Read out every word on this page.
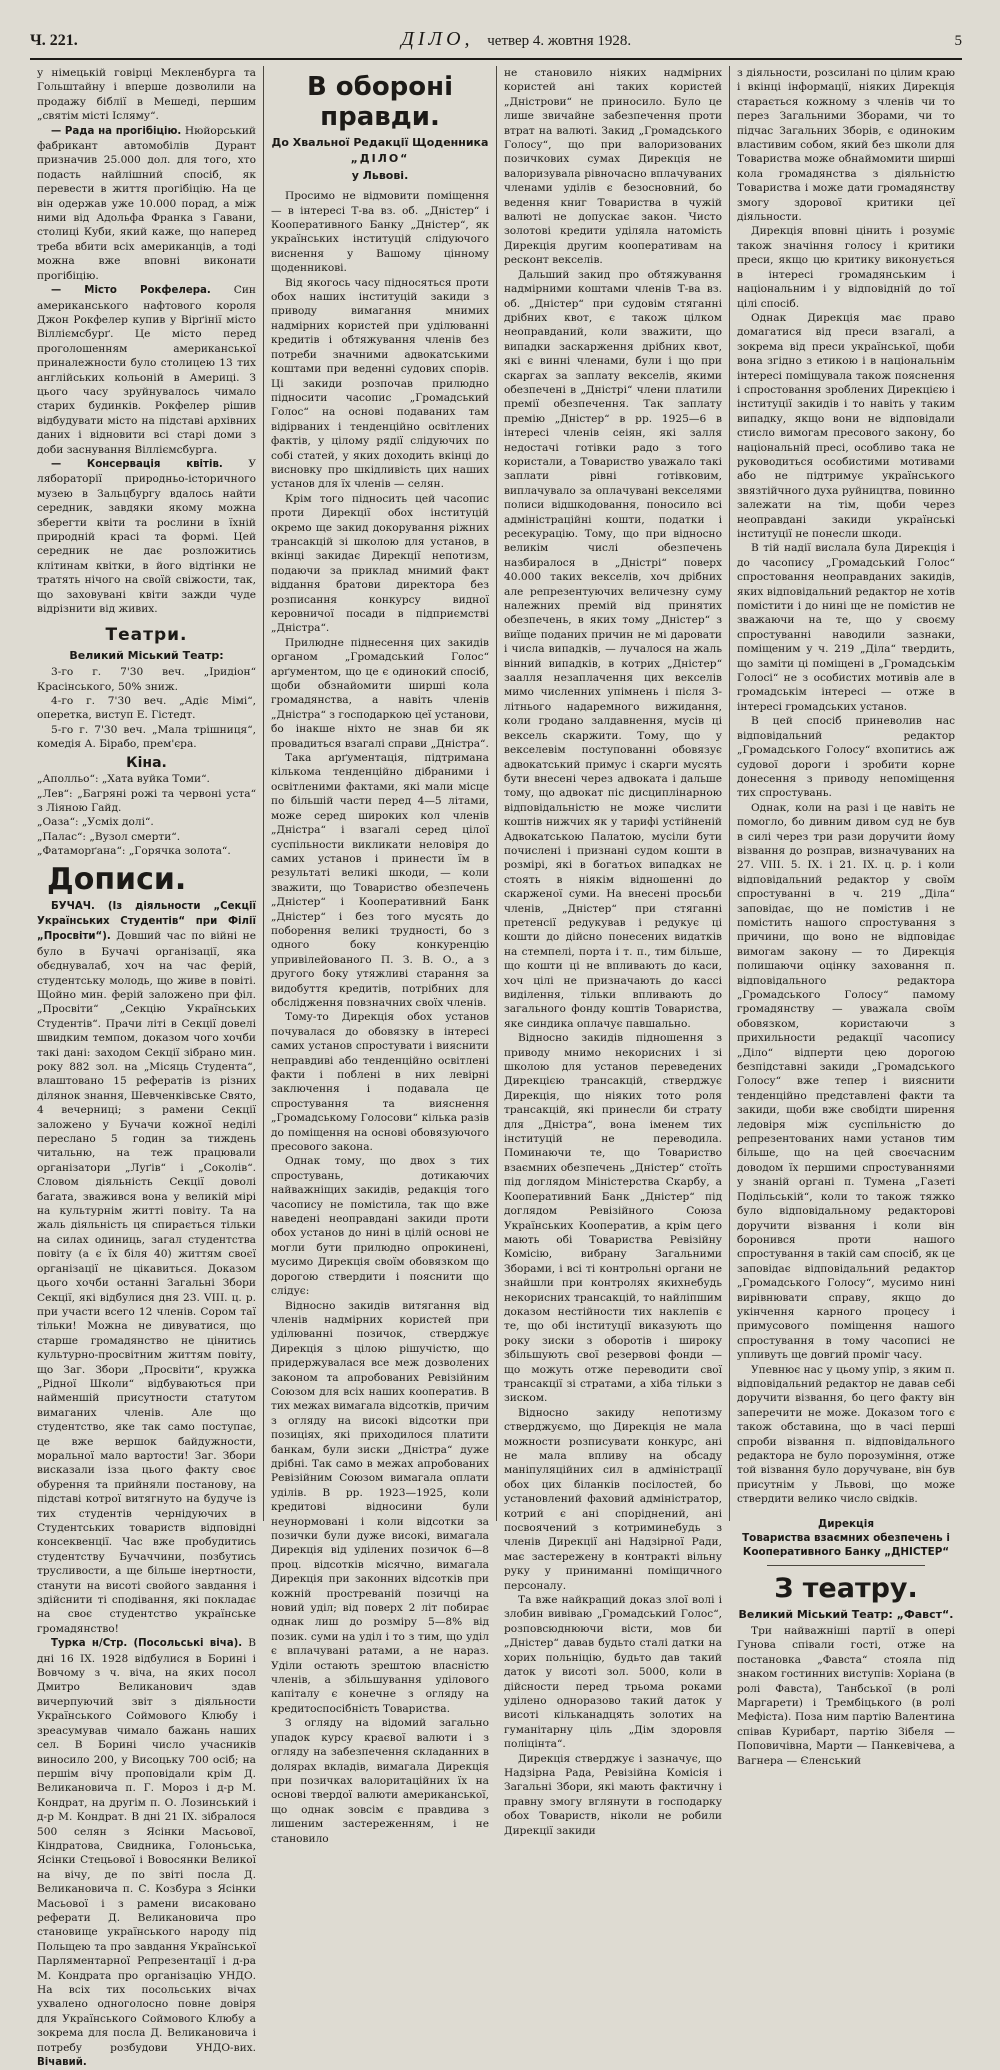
Ч. 221.	ДІЛО, четвер 4. жовтня 1928.	5

у німецькій говірці Мекленбурга та Гольштайну і вперше дозволили на продажу біблії в Мешеді, першим „святім місті Ісляму“.

— Рада на прогібіцію. Нюйорський фабрикант автомобілів Дурант призначив 25.000 дол. для того, хто подасть найлішний спосіб, як перевести в життя прогібіцію. На це він одержав уже 10.000 порад, а між ними від Адольфа Франка з Гавани, столиці Куби, який каже, що наперед треба вбити всіх американців, а тоді можна вже вповні виконати прогібіцію.

— Місто Рокфелера. Син американського нафтового короля Джон Рокфелер купив у Вірґінії місто Вілліємсбурґ. Це місто перед проголошенням американської приналежности було столицею 13 тих англійських кольоній в Америці. З цього часу зруйнувалось чимало старих будинків. Рокфелер рішив відбудувати місто на підставі архівних даних і відновити всі старі доми з доби заснування Вілліємсбурга.

— Консервація квітів. У лябораторії природньо-історичного музею в Зальцбургу вдалось найти середник, завдяки якому можна зберегти квіти та рослини в їхній природній красі та формі. Цей середник не дає розложитись клітинам квітки, в його відтінки не тратять нічого на своїй свіжости, так, що заховувані квіти зажди чуде відрізнити від живих.

Театри.
Великий Міський Театр:

3-го г. 7'30 веч. „Іридіон“ Красінського, 50% зниж.

4-го г. 7'30 веч. „Адіє Мімі“, оперетка, виступ Е. Гістедт.

5-го г. 7'30 веч. „Мала трішниця“, комедія А. Бірабо, прем'єра.

Кіна.

„Аполльо“: „Хата вуйка Томи“.

„Лев“: „Багряні рожі та червоні уста“ з Ліяною Гайд.

„Оаза“: „Усміх долі“.

„Палас“: „Вузол смерти“.

„Фатаморґана“: „Горячка золота“.

Дописи.

БУЧАЧ. (Із діяльности „Секції Українських Студентів“ при Філії „Просвіти“). Довший час по війні не було в Бучачі організації, яка обєднувалаб, хоч на час ферій, студентську молодь, що живе в повіті. Щойно мин. ферій заложено при філ. „Просвіти“ „Секцію Українських Студентів“. Прачи літі в Секції довелі швидким темпом, доказом чого хочби такі дані: заходом Секції зібрано мин. року 882 зол. на „Місяць Студента“, влаштовано 15 рефератів із різних ділянок знання, Шевченківське Свято, 4 вечерниці; з рамени Секції заложено у Бучачи кожної неділі переслано 5 годин за тиждень читальню, на теж працювали організатори „Луґів“ і „Соколів“. Словом діяльність Секції доволі багата, зважився вона у великій мірі на культурнім житті повіту. Та на жаль діяльність ця спирається тільки на силах одиниць, загал студентства повіту (а є їх біля 40) життям своєї організації не цікавиться. Доказом цього хочби останні Загальні Збори Секції, які відбулися дня 23. VIII. ц. р. при участи всего 12 членів. Сором таї тільки! Можна не дивуватися, що старше громадянство не цінитись культурно-просвітним життям повіту, що Заг. Збори „Просвіти“, кружка „Рідної Школи“ відбуваються при найменшій присутности статутом вимаганих членів. Але що студентство, яке так само поступає, це вже вершок байдужности, моральної мало вартости! Заг. Збори висказали ізза цього факту своє обурення та прийняли постанову, на підставі котрої витягнуто на будуче із тих студентів чернідуючих в Студентських товариств відповідні консеквенції. Час вже пробудитись студентству Бучаччини, позбутись трусливости, а ще більше інертности, станути на висоті свойого завдання і здійснити ті сподівання, які покладає на своє студентство українське громадянство!

Турка н/Стр. (Посольські віча). В дні 16 IX. 1928 відбулися в Борині і Вовчому з ч. віча, на яких посол Дмитро Великанович здав вичерпуючий звіт з діяльности Українського Соймового Клюбу і зреасумував чимало бажань наших сел. В Борині число учасників виносило 200, у Висоцьку 700 осіб; на першім вічу проповідали крім Д. Великановича п. Г. Мороз і д-р М. Кондрат, на другім п. О. Лозинський і д-р М. Кондрат. В дні 21 IX. зібралося 500 селян з Ясінки Масьової, Кіндратова, Свидника, Голоньська, Ясінки Стецьової і Вовосянки Великої на вічу, де по звіті посла Д. Великановича п. С. Козбура з Ясінки Масьової і з рамени висаковано реферати Д. Великановича про становище українського народу під Польщею та про завдання Української Парляментарної Репрезентації і д-ра М. Кондрата про організацію УНДО. На всіх тих посольських вічах ухвалено одноголосно повне довіря для Українського Соймового Клюбу а зокрема для посла Д. Великановича і потребу розбудови УНДО-вих. Вічавий.

В обороні правди.
До Хвальної Редакції Щоденника
„ДІЛО“
у Львові.

Просимо не відмовити поміщення — в інтересі Т-ва вз. об. „Дністер“ і Кооперативного Банку „Дністер“, як українських інституцій слідуючого виснення у Вашому цінному щоденникові.

Від якогось часу підносяться проти обох наших інституцій закиди з приводу вимагання мнимих надмірних користей при уділюванні кредитів і обтяжування членів без потреби значними адвокатськими коштами при веденні судових спорів. Ці закиди розпочав прилюдно підносити часопис „Громадський Голос“ на основі подаваних там відірваних і тенденційно освітлених фактів, у цілому рядії слідуючих по собі статей, у яких доходить вкінці до висновку про шкідливість цих наших установ для їх членів — селян.

Крім того підносить цей часопис проти Дирекції обох інституцій окремо ще закид докорування ріжних трансакцій зі школою для установ, в вкінці закидає Дирекції непотизм, подаючи за приклад мнимий факт віддання братови директора без розписання конкурсу видної керовничої посади в підприємстві „Дністра“.

Прилюдне піднесення цих закидів органом „Громадський Голос“ арґументом, що це є одинокий спосіб, щоби обзнайомити ширші кола громадянства, а навіть членів „Дністра“ з господаркою цеї установи, бо інакше ніхто не знав би як провадиться взагалі справи „Дністра“.

Така арґументація, підтримана кількома тенденційно дібраними і освітленими фактами, які мали місце по більшій части перед 4—5 літами, може серед широких кол членів „Дністра“ і взагалі серед цілої суспільности викликати неловіря до самих установ і принести їм в результаті великі шкоди, — коли зважити, що Товариство обезпечень „Дністер“ і Кооперативний Банк „Дністер“ і без того мусять до поборення великі трудності, бо з одного боку конкуренцію упривілейованого П. З. В. О., а з другого боку утяжливі старання за видобуття кредитів, потрібних для обслідження повзначних своїх членів.

Тому-то Дирекція обох установ почувалася до обовязку в інтересі самих установ спростувати і вияснити неправдиві або тенденційно освітлені факти і поблені в них левірні заключення і подавала це спростування та вияснення „Громадському Голосови“ кілька разів до поміщення на основі обовязуючого пресового закона.

Однак тому, що двох з тих спростувань, дотикаючих найважніщих закидів, редакція того часопису не помістила, так що вже наведені неоправдані закиди проти обох установ до нині в цілій основі не могли бути прилюдно опрокинені, мусимо Дирекція своїм обовязком що дорогою ствердити і пояснити що слідує:

Відносно закидів витягання від членів надмірних користей при уділюванні позичок, стверджує Дирекція з цілою рішучістю, що придержувалася все меж дозволених законом та апробованих Ревізійним Союзом для всіх наших кооператив. В тих межах вимагала відсотків, причим з огляду на високі відсотки при позиціях, які приходилося платити банкам, були зиски „Дністра“ дуже дрібні. Так само в межах апробованих Ревізійним Союзом вимагала оплати уділів. В рр. 1923—1925, коли кредитові відносини були неунормовані і коли відсотки за позички були дуже високі, вимагала Дирекція від уділених позичок 6—8 проц. відсотків місячно, вимагала Дирекція при законних відсотків при кожній простреваній позичці на новий уділ; від поверх 2 літ побирає однак лиш до розміру 5—8% від позик. суми на уділ і то з тим, що уділ є вплачувані ратами, а не нараз. Уділи остають зрештою власністю членів, а збільшування уділового капіталу є конечне з огляду на кредитоспосібність Товариства.

З огляду на відомий загально упадок курсу краєвої валюти і з огляду на забезпечення складанних в долярах вкладів, вимагала Дирекція при позичках валоритаційних їх на основі твердої валюти американської, що однак зовсім є правдива з лишеним застереженням, і не становило

не становило ніяких надмірних користей ані таких користей „Дністрови“ не приносило. Було це лише звичайне забезпечення проти втрат на валюті. Закид „Громадського Голосу“, що при валоризованих позичкових сумах Дирекція не валоризувала рівночасно вплачуваних членами уділів є безосновний, бо ведення книг Товариства в чужій валюті не допускає закон. Чисто золотові кредити уділяла натомість Дирекція другим кооперативам на ресконт векселів.

Дальший закид про обтяжування надмірними коштами членів Т-ва вз. об. „Дністер“ при судовім стяганні дрібних квот, є також цілком неоправданий, коли зважити, що випадки заскарження дрібних квот, які є винні членами, були і що при скаргах за заплату векселів, якими обезпечені в „Дністрі“ члени платили премії обезпечення. Так заплату премію „Дністер“ в рр. 1925—6 в інтересі членів сеіян, які залля недостачі готівки радо з того користали, а Товариство уважало такі заплати рівні готівковим, виплачувало за оплачувані векселями полиси відшкодовання, поносило всі адміністраційні кошти, податки і ресекурацію. Тому, що при відносно великім числі обезпечень назбиралося в „Дністрі“ поверх 40.000 таких векселів, хоч дрібних але репрезентуючих величезну суму належних премій від принятих обезпечень, в яких тому „Дністер“ з виїще поданих причин не мі даровати і числа випадків, — лучалося на жаль вінний випадків, в котрих „Дністер“ заалля незаплачення цих векселів мимо численних упімнень і після 3-літнього надаремного вижидання, коли гродано залдавнення, мусів ці вексель скаржити. Тому, що у векселевім поступованні обовязує адвокатський примус і скарги мусять бути внесені через адвоката і дальше тому, що адвокат піс дисциплінарною відповідальністю не може числити коштів нижчих як у тарифі устійненій Адвокатською Палатою, мусіли бути почислені і признані судом кошти в розмірі, які в богатьох випадках не стоять в ніякім відношенні до скарженої суми. На внесені просьби членів, „Дністер“ при стяганні претенсії редукував і редукує ці кошти до дійсно понесених видатків на стемпелі, порта і т. п., тим більше, що кошти ці не впливають до каси, хоч цілі не призначають до кассі виділення, тільки впливають до загального фонду коштів Товариства, яке синдика оплачує павшально.

Відносно закидів підношення з приводу мнимо некорисних і зі школою для установ переведених Дирекцією трансакцій, стверджує Дирекція, що ніяких тото роля трансакцій, які принесли би страту для „Дністра“, вона іменем тих інституцій не переводила. Поминаючи те, що Товариство взаємних обезпечень „Дністер“ стоїть під доглядом Міністерства Скарбу, а Кооперативний Банк „Дністер“ під доглядом Ревізійного Союза Українських Кооператив, а крім цего мають обі Товариства Ревізійну Комісію, вибрану Загальними Зборами, і всі ті контрольні органи не знайшли при контролях якихнебудь некорисних трансакцій, то найліпшим доказом нестійности тих наклепів є те, що обі інституції виказують що року зиски з оборотів і широку збільшують свої резервові фонди — що можуть отже переводити свої трансакції зі стратами, а хіба тільки з зиском.

Відносно закиду непотизму стверджуємо, що Дирекція не мала можности розписувати конкурс, ані не мала впливу на обсаду маніпуляційних сил в адміністрації обох цих біланків посілостей, бо установлений фаховий адміністратор, котрий є ані споріднений, ані посвоячений з котриминебудь з членів Дирекції ані Надзірної Ради, має застережену в контракті вільну руку у приниманні поміщичного персоналу.

Та вже найкращий доказ злої волі і злобин вивіваю „Громадський Голос“, розповсюднюючи вісти, мов би „Дністер“ давав будьто сталі датки на хорих польніцію, будьто дав такий даток у висоті зол. 5000, коли в дійсности перед трьома роками уділено одноразово такий даток у висоті кільканадцять золотих на гуманітарну ціль „Дім здоровля поліцінта“.

Дирекція стверджує і зазначує, що Надзірна Рада, Ревізійна Комісія і Загальні Збори, які мають фактичну і правну змогу вглянути в господарку обох Товариств, ніколи не робили Дирекції закиди

з діяльности, розсилані по цілим краю і вкінці інформації, ніяких Дирекція старається кожному з членів чи то перез Загальними Зборами, чи то підчас Загальних Зборів, є одиноким властивим собом, який без школи для Товариства може обнаймомити ширші кола громадянства з діяльністю Товариства і може дати громадянству змогу здорової критики цеї діяльности.

Дирекція вповні цінить і розуміє також значіння голосу і критики преси, якщо цю критику виконується в інтересі громадянським і національним і у відповідній до тої цілі спосіб.

Однак Дирекція має право домагатися від преси взагалі, а зокрема від преси української, щоби вона згідно з етикою і в національнім інтересі поміщувала також пояснення і спростовання зроблених Дирекцією і інституції закидів і то навіть у таким випадку, якщо вони не відповідали стисло вимогам пресового закону, бо національній пресі, особливо така не руководиться особистими мотивами або не підтримує українського звязтійчного духа руйництва, повинно залежати на тім, щоби через неоправдані закиди українські інституції не понесли шкоди.

В тій надії вислала була Дирекція і до часопису „Громадський Голос“ спростовання неоправданих закидів, яких відповідальний редактор не хотів помістити і до нині ще не помістив не зважаючи на те, що у своєму спростуванні наводили зазнаки, поміщеним у ч. 219 „Діла“ твердить, що заміти ці поміщені в „Громадськім Голосі“ не з особистих мотивів але в громадськім інтересі — отже в інтересі громадських установ.

В цей спосіб приневолив нас відповідальний редактор „Громадського Голосу“ вхопитись аж судової дороги і зробити корне донесення з приводу непоміщення тих спростувань.

Однак, коли на разі і це навіть не помогло, бо дивним дивом суд не був в силі через три рази доручити йому візвання до розправ, визначуваних на 27. VIII. 5. IX. і 21. IX. ц. р. і коли відповідальний редактор у своїм спростуванні в ч. 219 „Діла“ заповідає, що не помістив і не помістить нашого спростування з причини, що воно не відповідає вимогам закону — то Дирекція полишаючи оцінку заховання п. відповідального редактора „Громадського Голосу“ памому громадянству — уважала своїм обовязком, користаючи з прихильности редакції часопису „Діло“ відперти цею дорогою безпідставні закиди „Громадського Голосу“ вже тепер і вияснити тенденційно представлені факти та закиди, щоби вже свобідти ширення ледовіря між суспільністю до репрезентованих нами установ тим більше, що на цей своєчасним доводом їх першими спростуваннями у знаній органі п. Тумена „Газеті Подільській“, коли то також тяжко було відповідальному редакторові доручити візвання і коли він боронився проти нашого спростування в такій сам спосіб, як це заповідає відповідальний редактор „Громадського Голосу“, мусимо нині вирівнювати справу, якщо до укінчення карного процесу і примусового поміщення нашого спростування в тому часописі не упливуть ще довгий проміг часу.

Упевнює нас у цьому упір, з яким п. відповідальний редактор не давав себі доручити візвання, бо цего факту він заперечити не може. Доказом того є також обставина, що в часі перші спроби візвання п. відповідального редактора не було порозуміння, отже той візвання було доручуване, він був присутнім у Львові, що може ствердити велико число свідків.

Дирекція
Товариства взаємних обезпечень і Кооперативного Банку „ДНІСТЕР“
З театру.
Великий Міський Театр: „Фавст“.

Три найважніші партії в опері Гунова співали гості, отже на постановка „Фавста“ стояла під знаком гостинних виступів: Хоріана (в ролі Фавста), Танбської (в ролі Маргарети) і Трембіцького (в ролі Мефіста). Поза ним партію Валентина співав Курибарт, партію Зібеля — Поповичівна, Марти — Панкевічева, а Вагнера — Єленський
